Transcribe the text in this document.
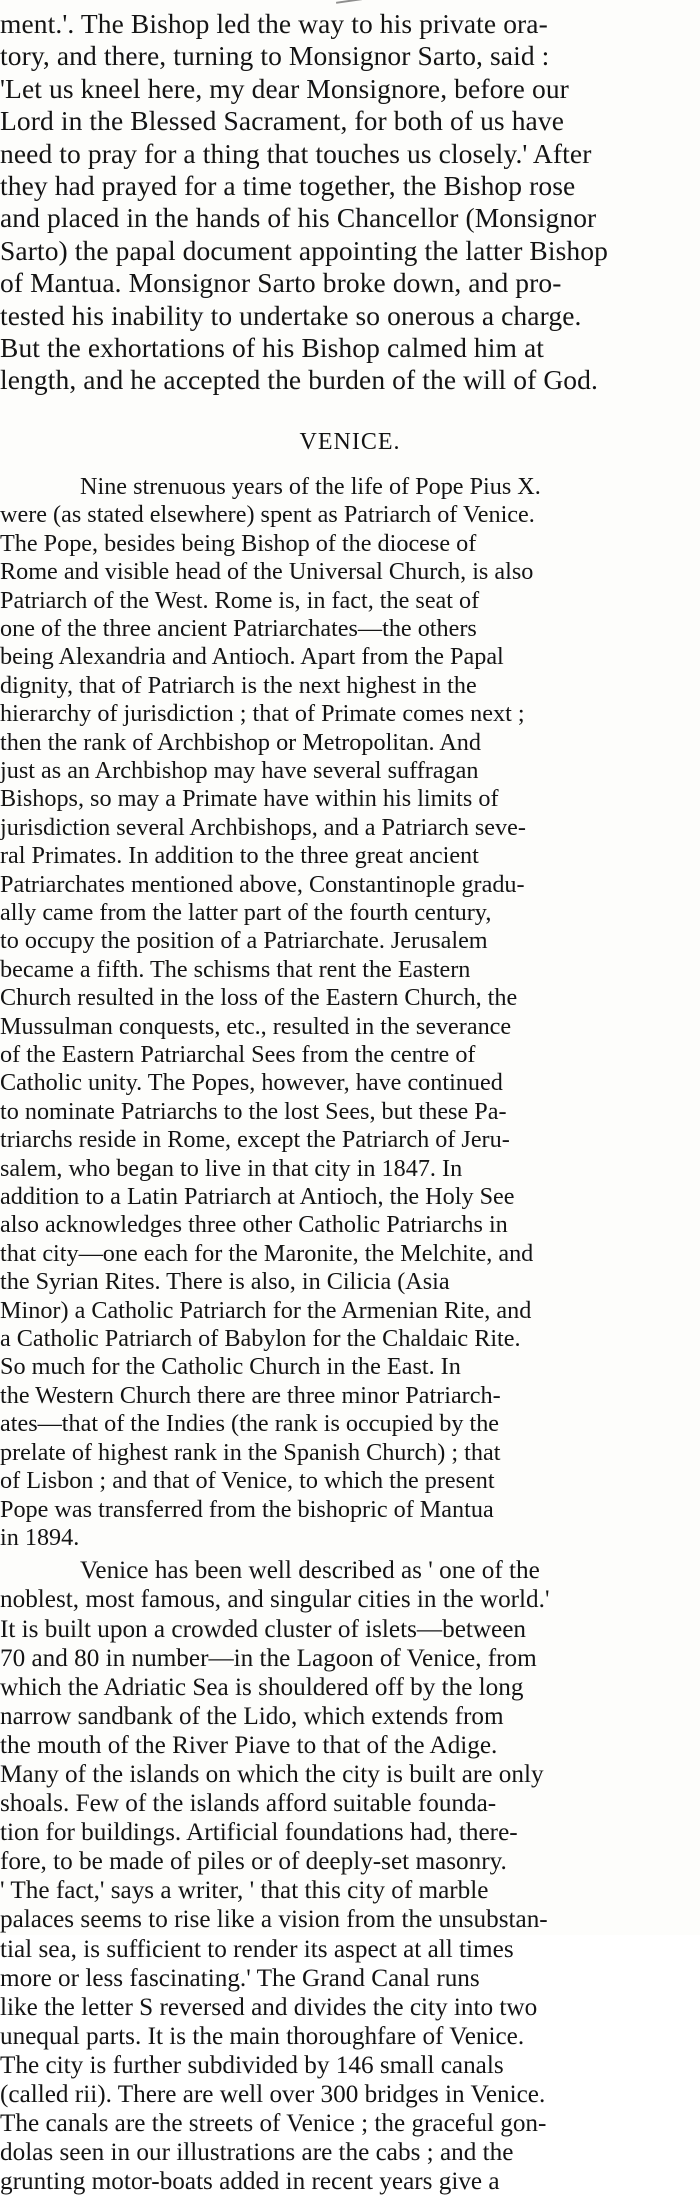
ment.'. The Bishop led the way to his private ora-
tory, and there, turning to Monsignor Sarto, said :
'Let us kneel here, my dear Monsignore, before our
Lord in the Blessed Sacrament, for both of us have
need to pray for a thing that touches us closely.' After
they had prayed for a time together, the Bishop rose
and placed in the hands of his Chancellor (Monsignor
Sarto) the papal document appointing the latter Bishop
of Mantua. Monsignor Sarto broke down, and pro-
tested his inability to undertake so onerous a charge.
But the exhortations of his Bishop calmed him at
length, and he accepted the burden of the will of God.
VENICE.
Nine strenuous years of the life of Pope Pius X.
were (as stated elsewhere) spent as Patriarch of Venice.
The Pope, besides being Bishop of the diocese of
Rome and visible head of the Universal Church, is also
Patriarch of the West. Rome is, in fact, the seat of
one of the three ancient Patriarchates—the others
being Alexandria and Antioch. Apart from the Papal
dignity, that of Patriarch is the next highest in the
hierarchy of jurisdiction ; that of Primate comes next ;
then the rank of Archbishop or Metropolitan. And
just as an Archbishop may have several suffragan
Bishops, so may a Primate have within his limits of
jurisdiction several Archbishops, and a Patriarch seve-
ral Primates. In addition to the three great ancient
Patriarchates mentioned above, Constantinople gradu-
ally came from the latter part of the fourth century,
to occupy the position of a Patriarchate. Jerusalem
became a fifth. The schisms that rent the Eastern
Church resulted in the loss of the Eastern Church, the
Mussulman conquests, etc., resulted in the severance
of the Eastern Patriarchal Sees from the centre of
Catholic unity. The Popes, however, have continued
to nominate Patriarchs to the lost Sees, but these Pa-
triarchs reside in Rome, except the Patriarch of Jeru-
salem, who began to live in that city in 1847. In
addition to a Latin Patriarch at Antioch, the Holy See
also acknowledges three other Catholic Patriarchs in
that city—one each for the Maronite, the Melchite, and
the Syrian Rites. There is also, in Cilicia (Asia
Minor) a Catholic Patriarch for the Armenian Rite, and
a Catholic Patriarch of Babylon for the Chaldaic Rite.
So much for the Catholic Church in the East. In
the Western Church there are three minor Patriarch-
ates—that of the Indies (the rank is occupied by the
prelate of highest rank in the Spanish Church) ; that
of Lisbon ; and that of Venice, to which the present
Pope was transferred from the bishopric of Mantua
in 1894.
Venice has been well described as ' one of the
noblest, most famous, and singular cities in the world.'
It is built upon a crowded cluster of islets—between
70 and 80 in number—in the Lagoon of Venice, from
which the Adriatic Sea is shouldered off by the long
narrow sandbank of the Lido, which extends from
the mouth of the River Piave to that of the Adige.
Many of the islands on which the city is built are only
shoals. Few of the islands afford suitable founda-
tion for buildings. Artificial foundations had, there-
fore, to be made of piles or of deeply-set masonry.
' The fact,' says a writer, ' that this city of marble
palaces seems to rise like a vision from the unsubstan-
tial sea, is sufficient to render its aspect at all times
more or less fascinating.' The Grand Canal runs
like the letter S reversed and divides the city into two
unequal parts. It is the main thoroughfare of Venice.
The city is further subdivided by 146 small canals
(called rii). There are well over 300 bridges in Venice.
The canals are the streets of Venice ; the graceful gon-
dolas seen in our illustrations are the cabs ; and the
grunting motor-boats added in recent years give a
